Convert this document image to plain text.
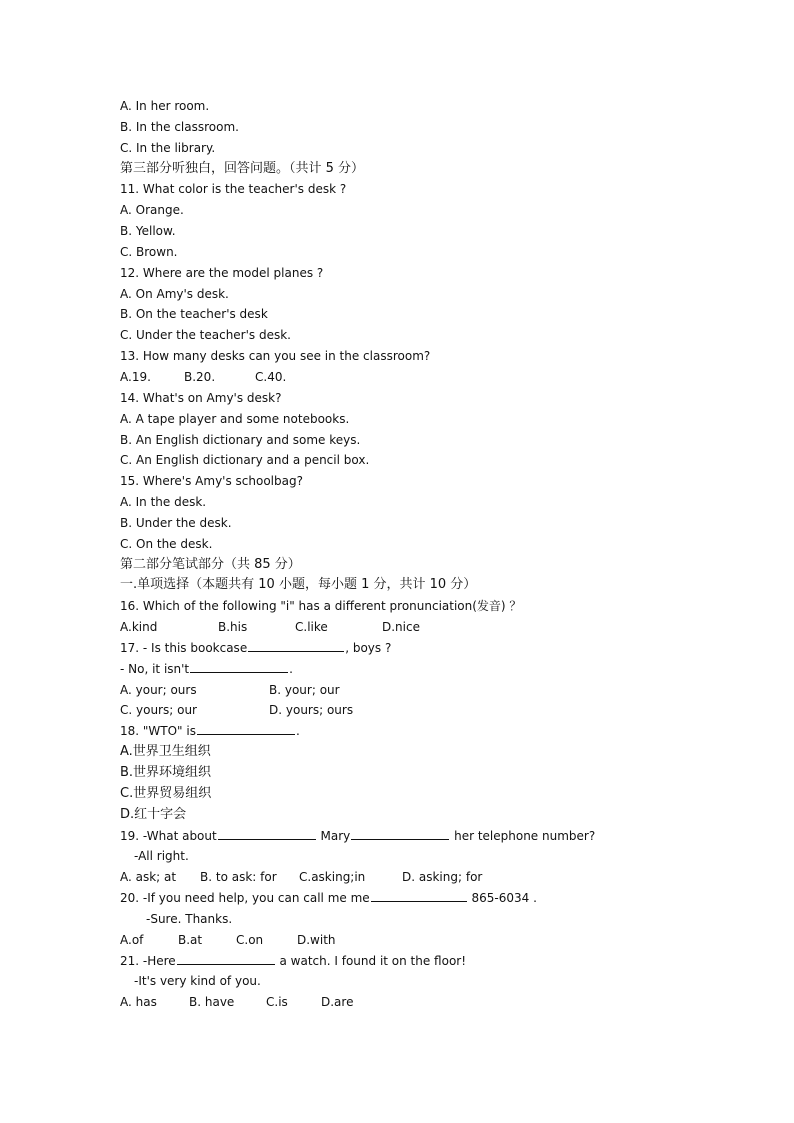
A. In her room.
B. In the classroom.
C. In the library.
第三部分听独白，回答问题。（共计 5 分）
11. What color is the teacher's desk ?
A. Orange.
B. Yellow.
C. Brown.
12. Where are the model planes ?
A. On Amy's desk.
B. On the teacher's desk
C. Under the teacher's desk.
13. How many desks can you see in the classroom?
A.19.	B.20.	C.40.
14. What's on Amy's desk?
A. A tape player and some notebooks.
B. An English dictionary and some keys.
C. An English dictionary and a pencil box.
15. Where's Amy's schoolbag?
A. In the desk.
B. Under the desk.
C. On the desk.
第二部分笔试部分（共 85 分）
一.单项选择（本题共有 10 小题，每小题 1 分，共计 10 分）
16. Which of the following "i" has a different pronunciation(发音) ？
A.kind	B.his	C.like	D.nice
17. - Is this bookcase	, boys ?
- No, it isn't	.
A. your; ours	B. your; our
C. yours; our	D. yours; ours
18. "WTO" is	.
A.世界卫生组织
B.世界环境组织
C.世界贸易组织
D.红十字会
19. -What about	Mary	her telephone number?
-All right.
A. ask; at B. to ask: for C.asking;in	D. asking; for
20. -If you need help, you can call me me	865-6034 .
-Sure. Thanks.
A.of	B.at	C.on	D.with
21. -Here	a watch. I found it on the floor!
-It's very kind of you.
A. has	B. have	C.is	D.are
